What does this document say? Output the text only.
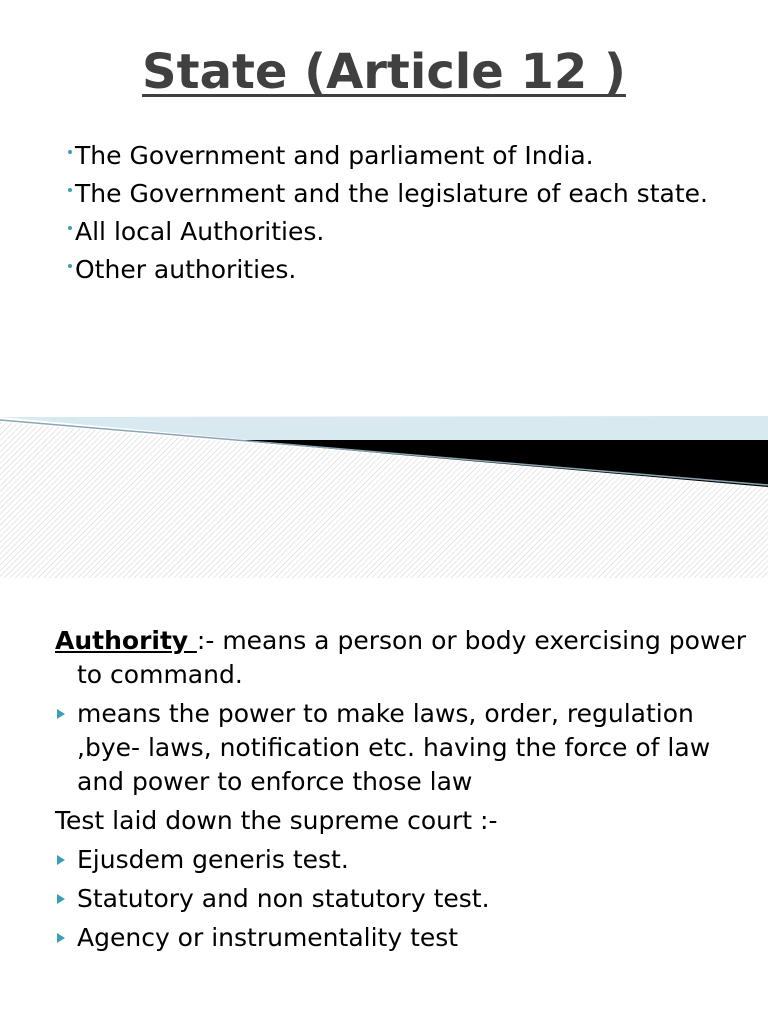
State (Article 12 )
The Government and parliament of India.
The Government and the legislature of each state.
All local Authorities.
Other authorities.

Authority :- means a person or body exercising power to command.

means the power to make laws, order, regulation ,bye- laws, notification etc. having the force of law and power to enforce those law

Test laid down the supreme court :-

Ejusdem generis test.

Statutory and non statutory test.

Agency or instrumentality test
